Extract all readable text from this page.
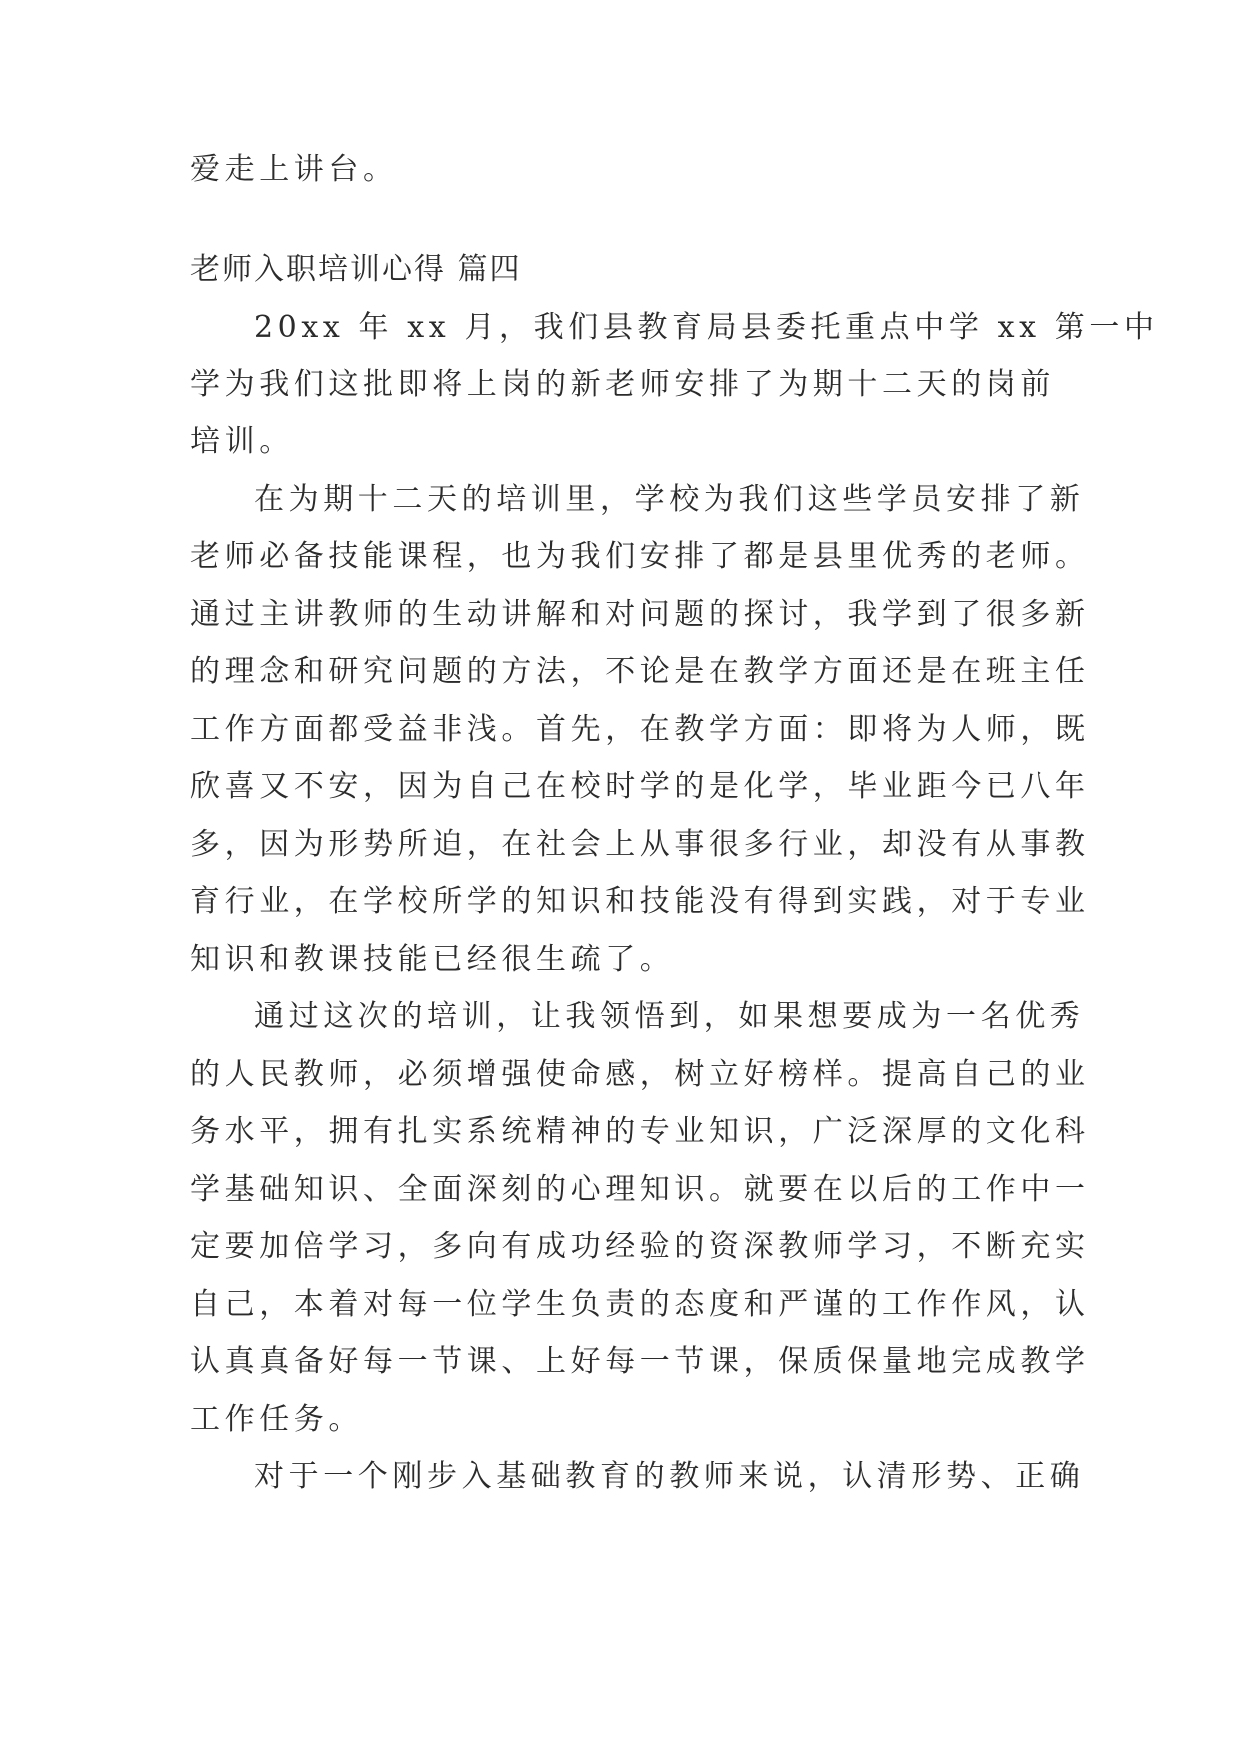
爱走上讲台。

老师入职培训心得 篇四

20xx 年 xx 月，我们县教育局县委托重点中学 xx 第一中

学为我们这批即将上岗的新老师安排了为期十二天的岗前

培训。

在为期十二天的培训里，学校为我们这些学员安排了新

老师必备技能课程，也为我们安排了都是县里优秀的老师。

通过主讲教师的生动讲解和对问题的探讨，我学到了很多新

的理念和研究问题的方法，不论是在教学方面还是在班主任

工作方面都受益非浅。首先，在教学方面：即将为人师，既

欣喜又不安，因为自己在校时学的是化学，毕业距今已八年

多，因为形势所迫，在社会上从事很多行业，却没有从事教

育行业，在学校所学的知识和技能没有得到实践，对于专业

知识和教课技能已经很生疏了。

通过这次的培训，让我领悟到，如果想要成为一名优秀

的人民教师，必须增强使命感，树立好榜样。提高自己的业

务水平，拥有扎实系统精神的专业知识，广泛深厚的文化科

学基础知识、全面深刻的心理知识。就要在以后的工作中一

定要加倍学习，多向有成功经验的资深教师学习，不断充实

自己，本着对每一位学生负责的态度和严谨的工作作风，认

认真真备好每一节课、上好每一节课，保质保量地完成教学

工作任务。

对于一个刚步入基础教育的教师来说，认清形势、正确
